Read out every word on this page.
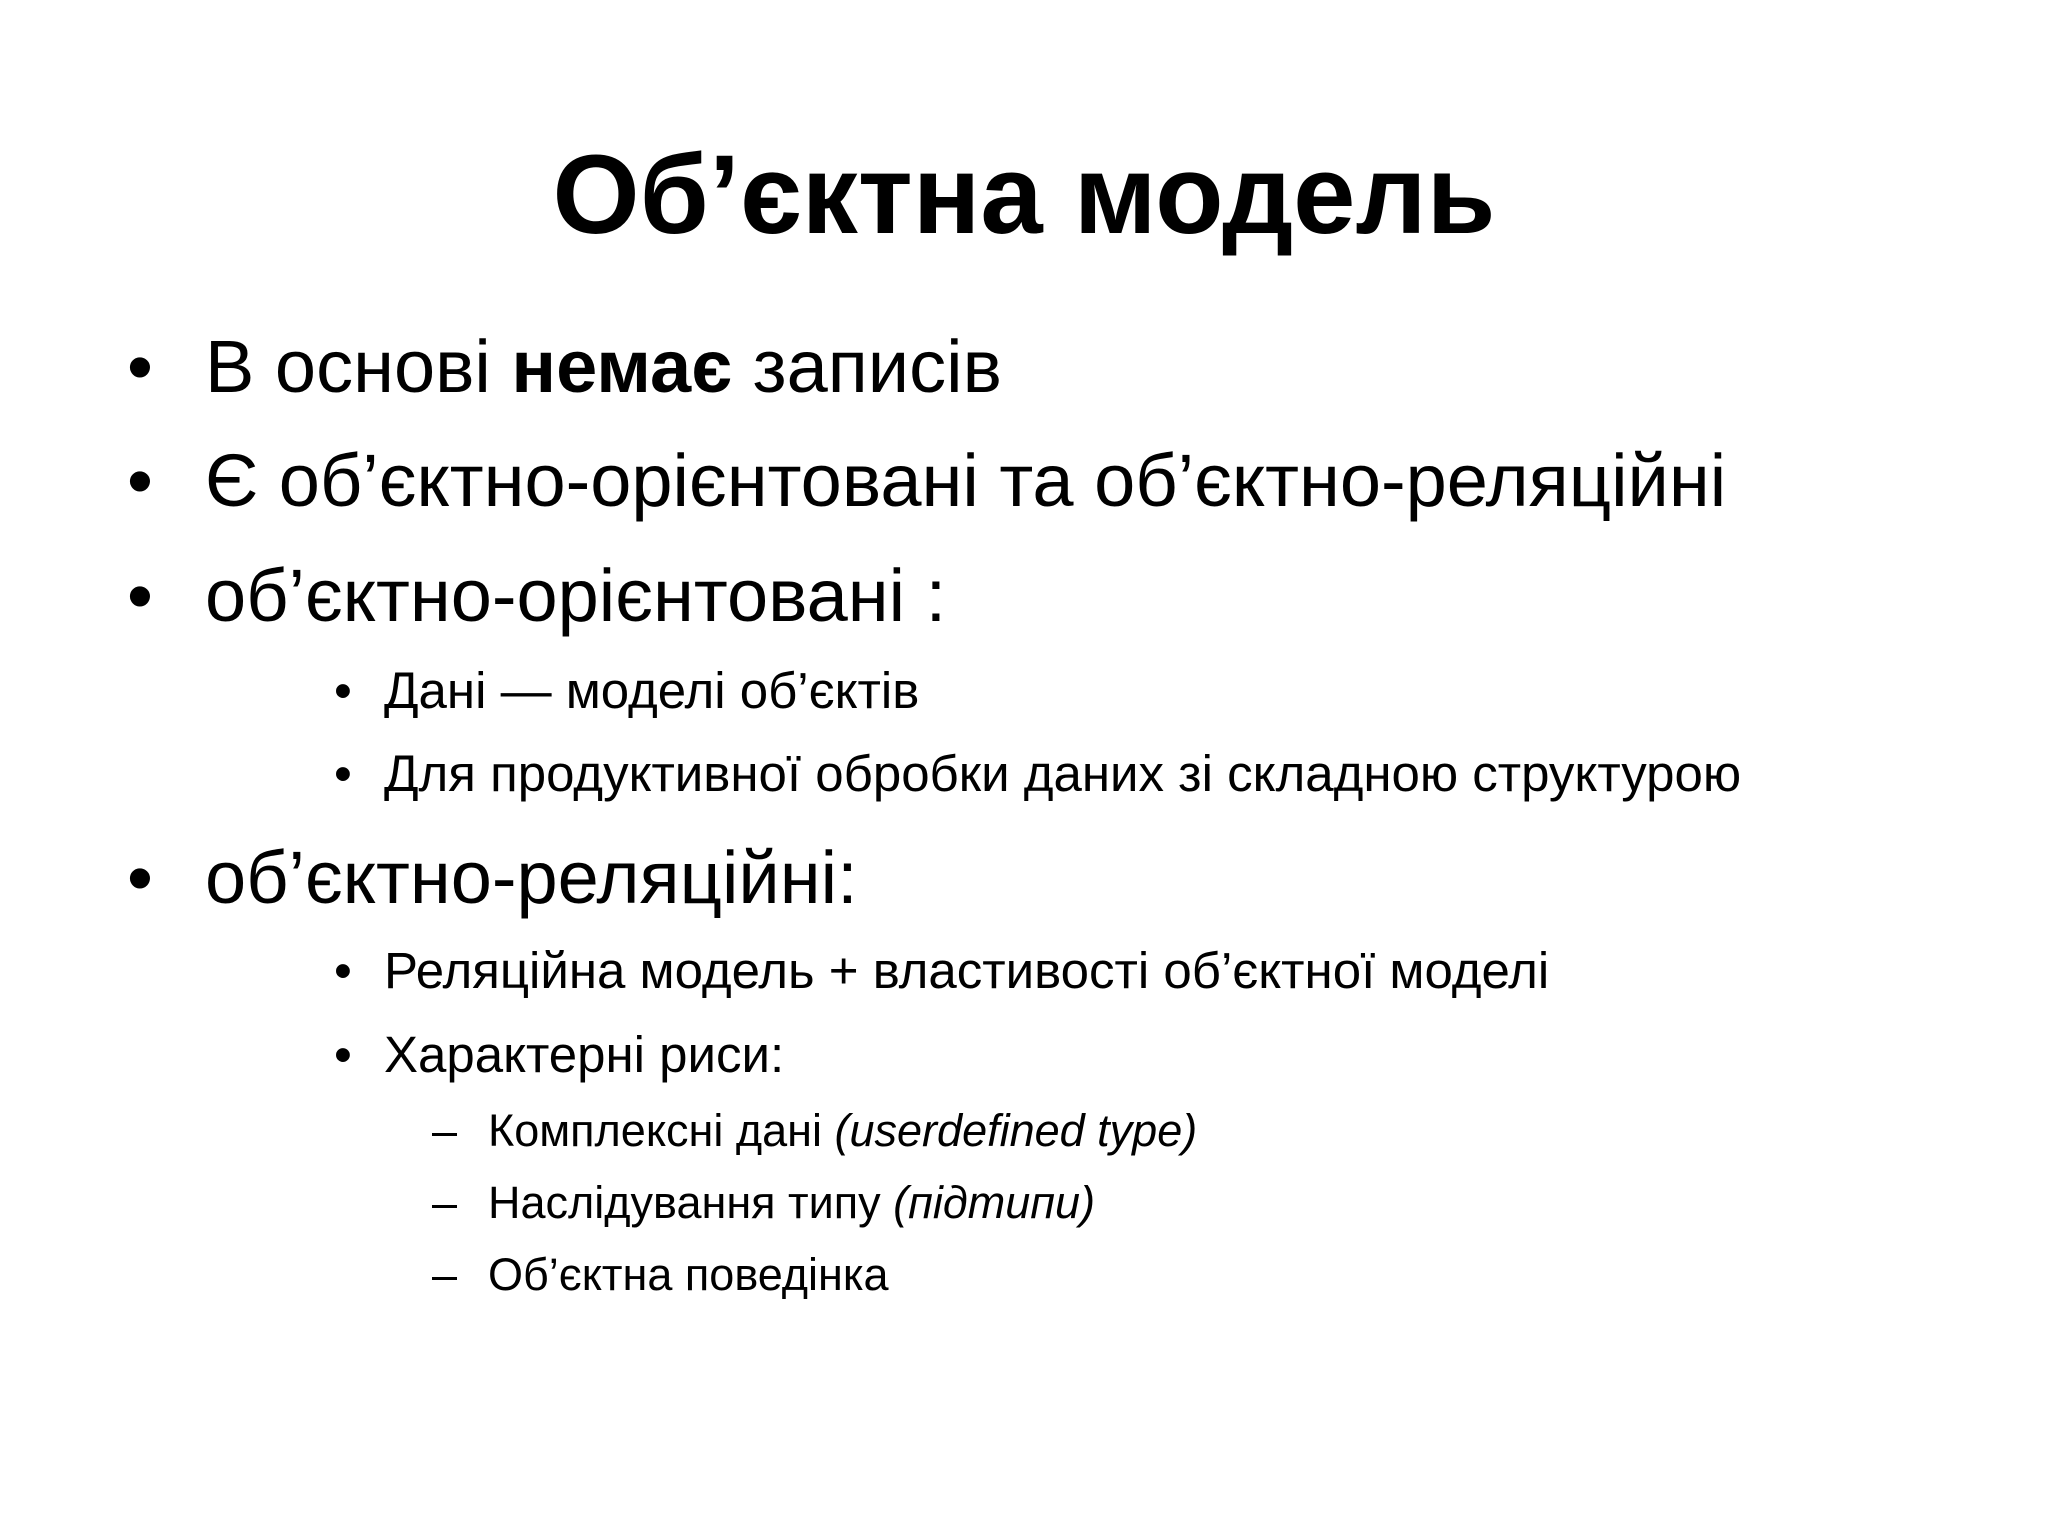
Об’єктна модель
• В основі немає записів
• Є об’єктно-орієнтовані та об’єктно-реляційні
• об’єктно-орієнтовані :
• Дані — моделі об’єктів
• Для продуктивної обробки даних зі складною структурою
• об’єктно-реляційні:
• Реляційна модель + властивості об’єктної моделі
• Характерні риси:
– Комплексні дані (userdefined type)
– Наслідування типу (підтипи)
– Об’єктна поведінка
